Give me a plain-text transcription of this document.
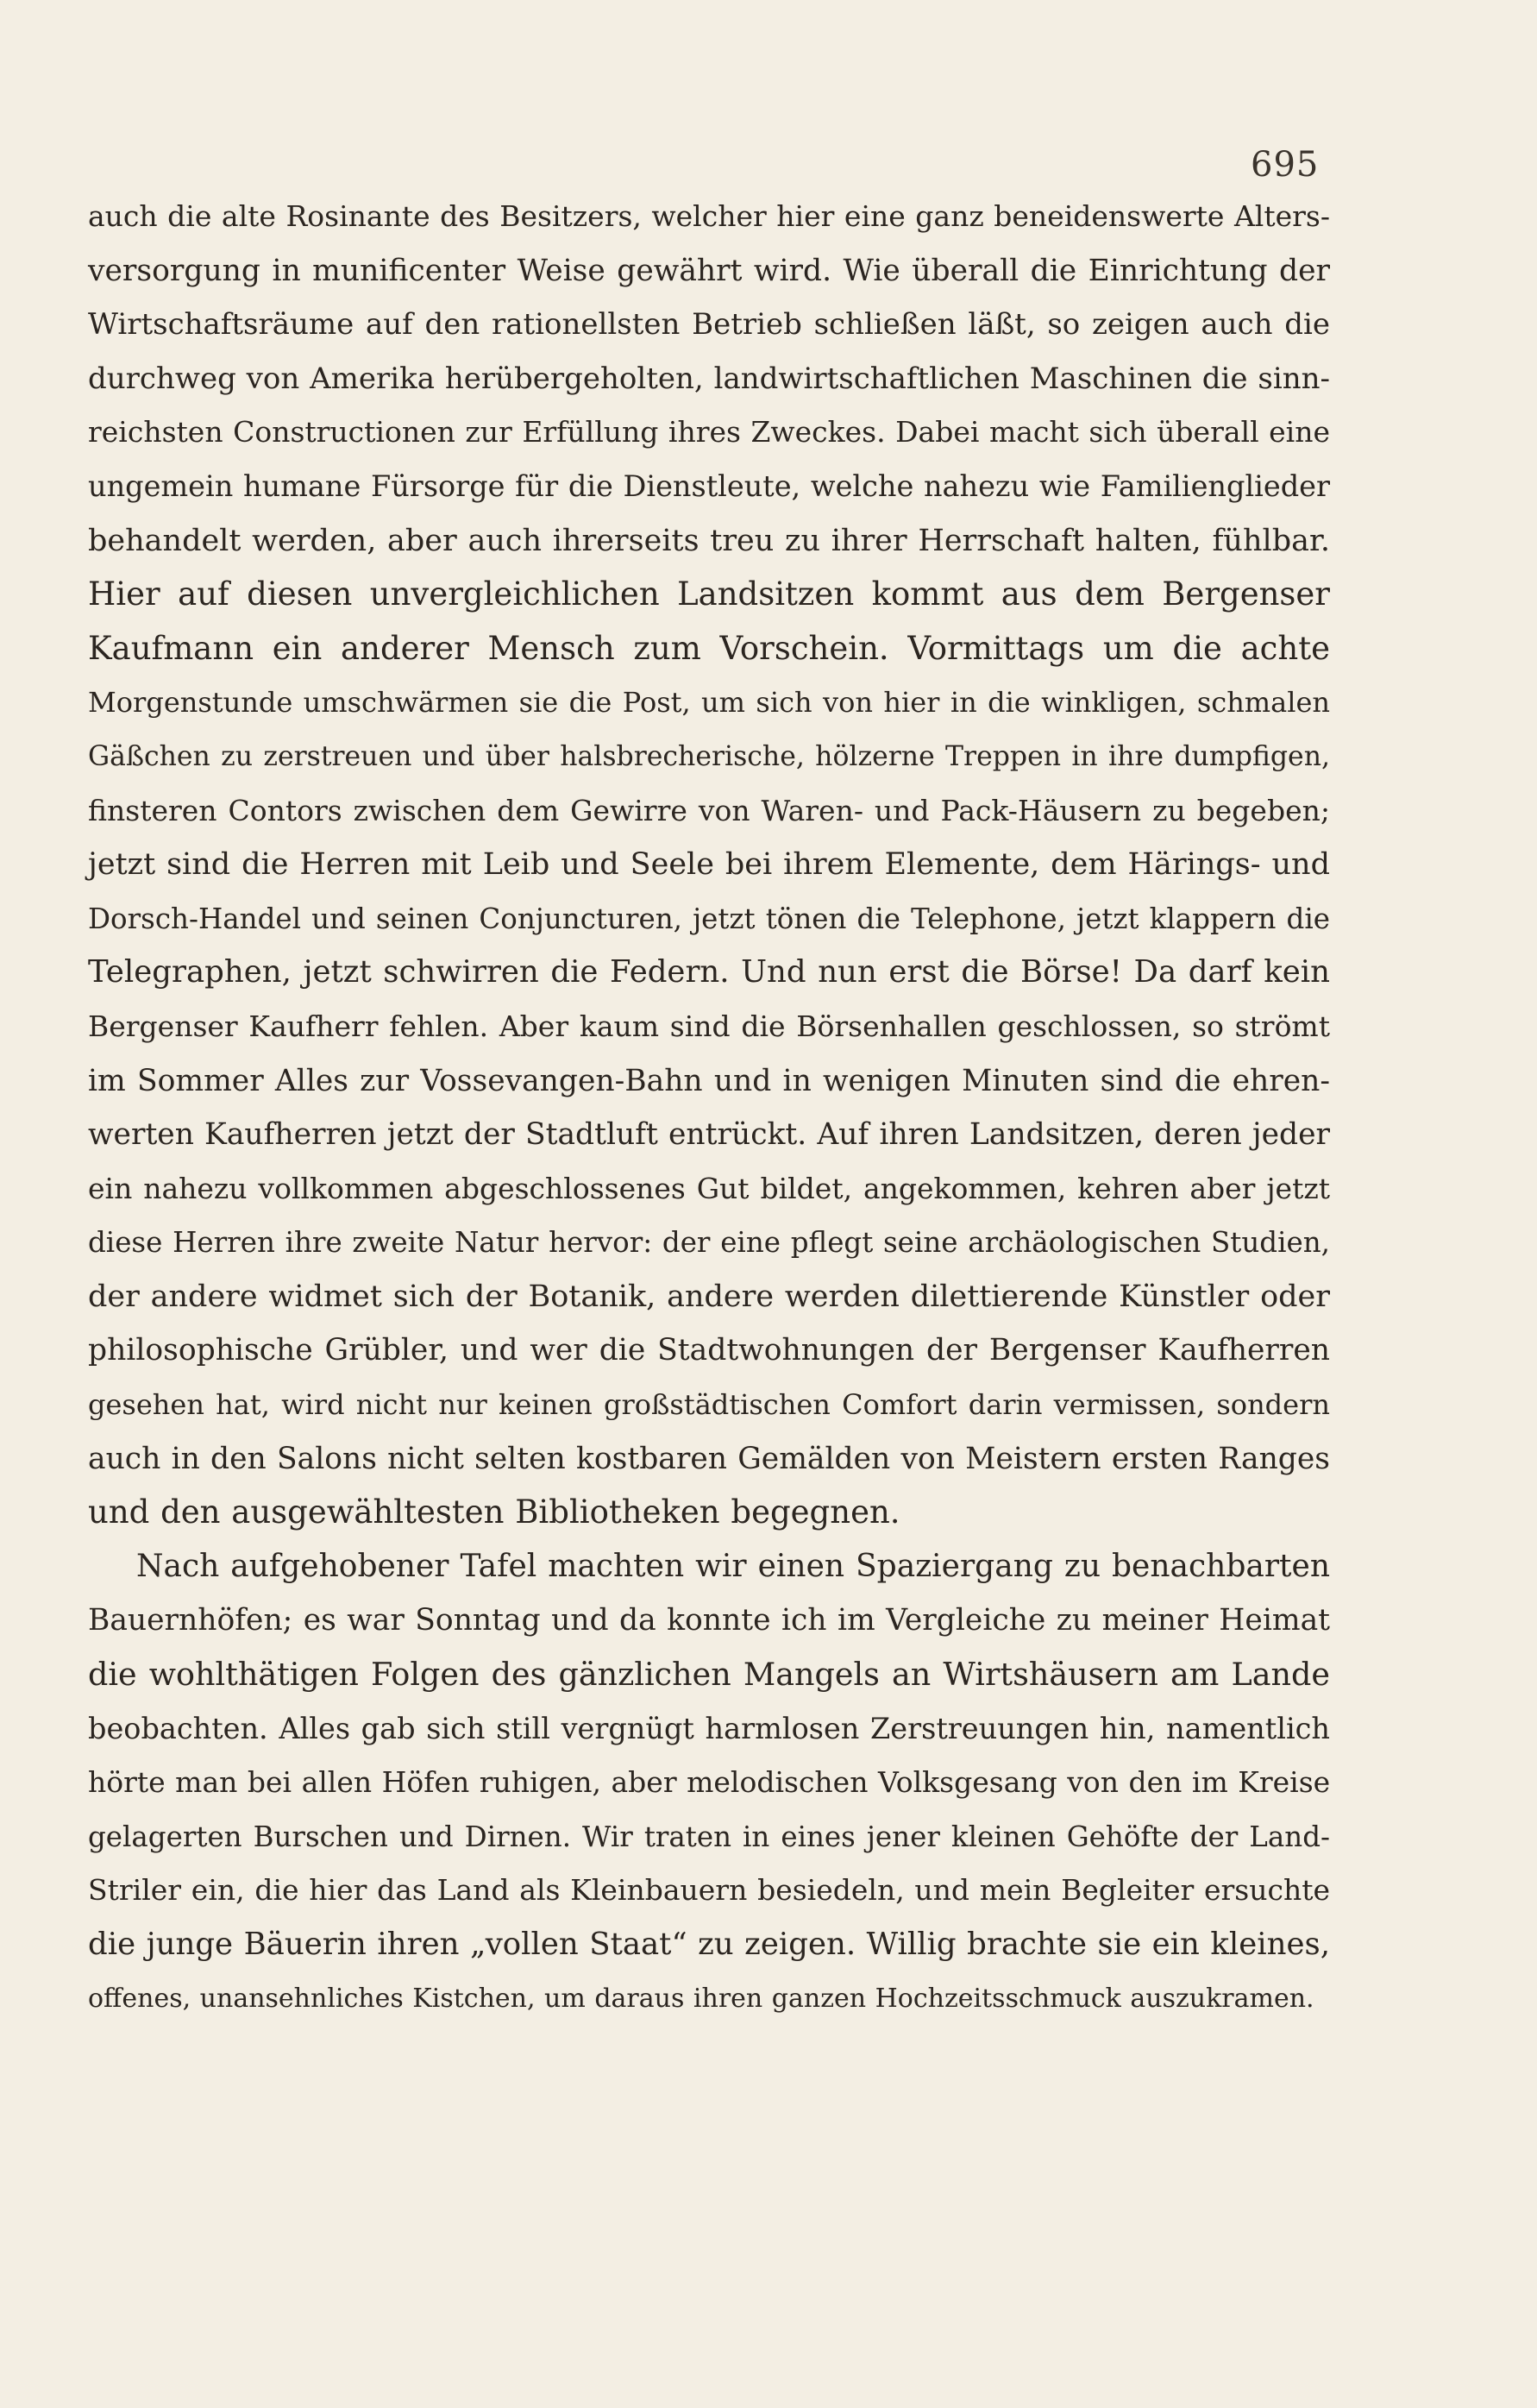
695
auch die alte Rosinante des Besitzers, welcher hier eine ganz beneidenswerte Alters-
versorgung in munificenter Weise gewährt wird. Wie überall die Einrichtung der
Wirtschaftsräume auf den rationellsten Betrieb schließen läßt, so zeigen auch die
durchweg von Amerika herübergeholten, landwirtschaftlichen Maschinen die sinn-
reichsten Constructionen zur Erfüllung ihres Zweckes. Dabei macht sich überall eine
ungemein humane Fürsorge für die Dienstleute, welche nahezu wie Familienglieder
behandelt werden, aber auch ihrerseits treu zu ihrer Herrschaft halten, fühlbar.
Hier auf diesen unvergleichlichen Landsitzen kommt aus dem Bergenser
Kaufmann ein anderer Mensch zum Vorschein. Vormittags um die achte
Morgenstunde umschwärmen sie die Post, um sich von hier in die winkligen, schmalen
Gäßchen zu zerstreuen und über halsbrecherische, hölzerne Treppen in ihre dumpfigen,
finsteren Contors zwischen dem Gewirre von Waren- und Pack-Häusern zu begeben;
jetzt sind die Herren mit Leib und Seele bei ihrem Elemente, dem Härings- und
Dorsch-Handel und seinen Conjuncturen, jetzt tönen die Telephone, jetzt klappern die
Telegraphen, jetzt schwirren die Federn. Und nun erst die Börse! Da darf kein
Bergenser Kaufherr fehlen. Aber kaum sind die Börsenhallen geschlossen, so strömt
im Sommer Alles zur Vossevangen-Bahn und in wenigen Minuten sind die ehren-
werten Kaufherren jetzt der Stadtluft entrückt. Auf ihren Landsitzen, deren jeder
ein nahezu vollkommen abgeschlossenes Gut bildet, angekommen, kehren aber jetzt
diese Herren ihre zweite Natur hervor: der eine pflegt seine archäologischen Studien,
der andere widmet sich der Botanik, andere werden dilettierende Künstler oder
philosophische Grübler, und wer die Stadtwohnungen der Bergenser Kaufherren
gesehen hat, wird nicht nur keinen großstädtischen Comfort darin vermissen, sondern
auch in den Salons nicht selten kostbaren Gemälden von Meistern ersten Ranges
und den ausgewähltesten Bibliotheken begegnen.
Nach aufgehobener Tafel machten wir einen Spaziergang zu benachbarten
Bauernhöfen; es war Sonntag und da konnte ich im Vergleiche zu meiner Heimat
die wohlthätigen Folgen des gänzlichen Mangels an Wirtshäusern am Lande
beobachten. Alles gab sich still vergnügt harmlosen Zerstreuungen hin, namentlich
hörte man bei allen Höfen ruhigen, aber melodischen Volksgesang von den im Kreise
gelagerten Burschen und Dirnen. Wir traten in eines jener kleinen Gehöfte der Land-
Striler ein, die hier das Land als Kleinbauern besiedeln, und mein Begleiter ersuchte
die junge Bäuerin ihren „vollen Staat“ zu zeigen. Willig brachte sie ein kleines,
offenes, unansehnliches Kistchen, um daraus ihren ganzen Hochzeitsschmuck auszukramen.
